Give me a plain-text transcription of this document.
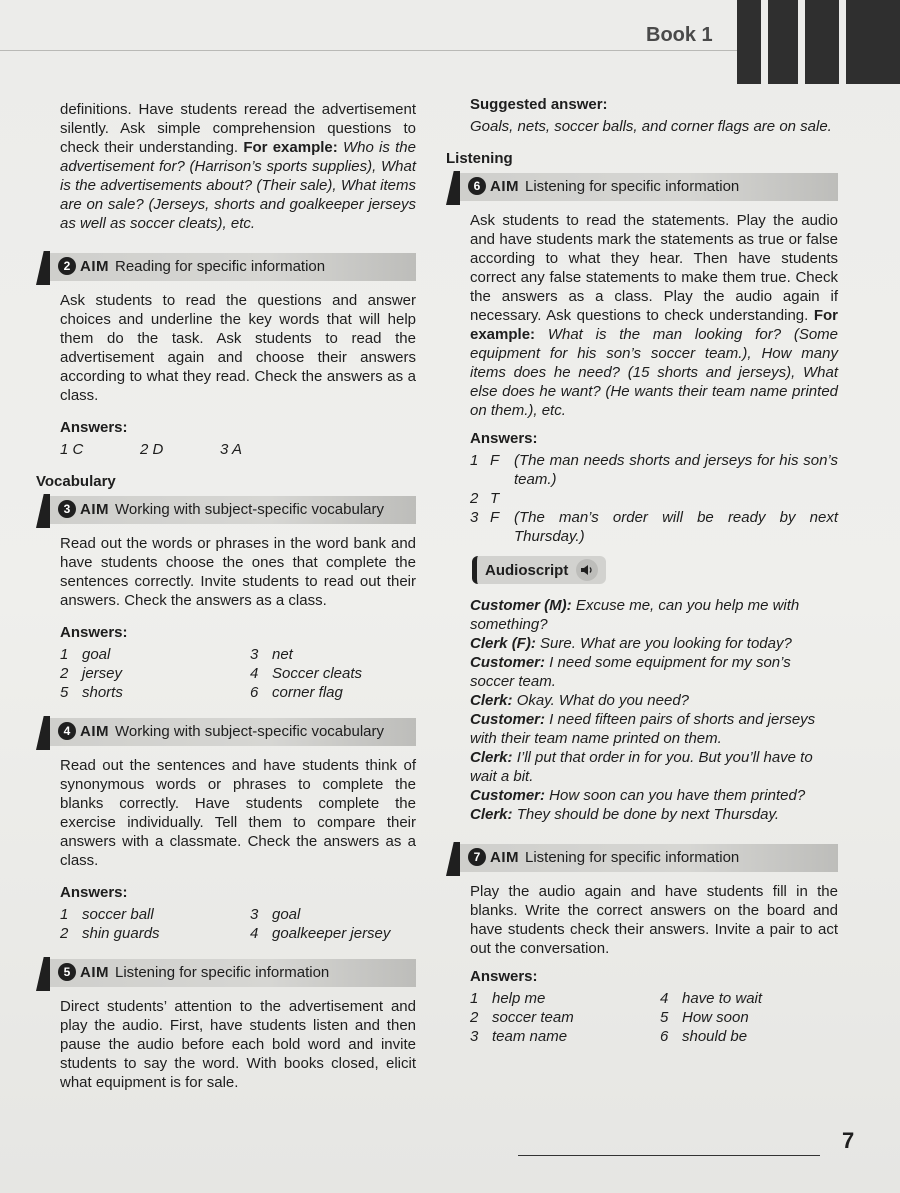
Book 1

definitions. Have students reread the advertisement silently. Ask simple comprehension questions to check their understanding. For example: Who is the advertisement for? (Harrison’s sports supplies), What is the advertisements about? (Their sale), What items are on sale? (Jerseys, shorts and goalkeeper jerseys as well as soccer cleats), etc.

2 AIM Reading for specific information

Ask students to read the questions and answer choices and underline the key words that will help them do the task. Ask students to read the advertisement again and choose their answers according to what they read. Check the answers as a class.

Answers:
1 C	2 D	3 A
Vocabulary
3 AIM Working with subject-specific vocabulary

Read out the words or phrases in the word bank and have students choose the ones that complete the sentences correctly. Invite students to read out their answers. Check the answers as a class.

Answers:
1 goal	3 net
2 jersey	4 Soccer cleats
5 shorts	6 corner flag
4 AIM Working with subject-specific vocabulary

Read out the sentences and have students think of synonymous words or phrases to complete the blanks correctly. Have students complete the exercise individually. Tell them to compare their answers with a classmate. Check the answers as a class.

Answers:
1 soccer ball	3 goal
2 shin guards	4 goalkeeper jersey
5 AIM Listening for specific information

Direct students’ attention to the advertisement and play the audio. First, have students listen and then pause the audio before each bold word and invite students to say the word. With books closed, elicit what equipment is for sale.

Suggested answer:

Goals, nets, soccer balls, and corner flags are on sale.

Listening
6 AIM Listening for specific information

Ask students to read the statements. Play the audio and have students mark the statements as true or false according to what they hear. Then have students correct any false statements to make them true. Check the answers as a class. Play the audio again if necessary. Ask questions to check understanding. For example: What is the man looking for? (Some equipment for his son’s soccer team.), How many items does he need? (15 shorts and jerseys), What else does he want? (He wants their team name printed on them.), etc.

Answers:
1 F (The man needs shorts and jerseys for his son’s team.)
2 T
3 F (The man’s order will be ready by next Thursday.)
Audioscript

Customer (M): Excuse me, can you help me with something?

Clerk (F): Sure. What are you looking for today?

Customer: I need some equipment for my son’s soccer team.

Clerk: Okay. What do you need?

Customer: I need fifteen pairs of shorts and jerseys with their team name printed on them.

Clerk: I’ll put that order in for you. But you’ll have to wait a bit.

Customer: How soon can you have them printed?

Clerk: They should be done by next Thursday.

7 AIM Listening for specific information

Play the audio again and have students fill in the blanks. Write the correct answers on the board and have students check their answers. Invite a pair to act out the conversation.

Answers:
1 help me	4 have to wait
2 soccer team	5 How soon
3 team name	6 should be
7
